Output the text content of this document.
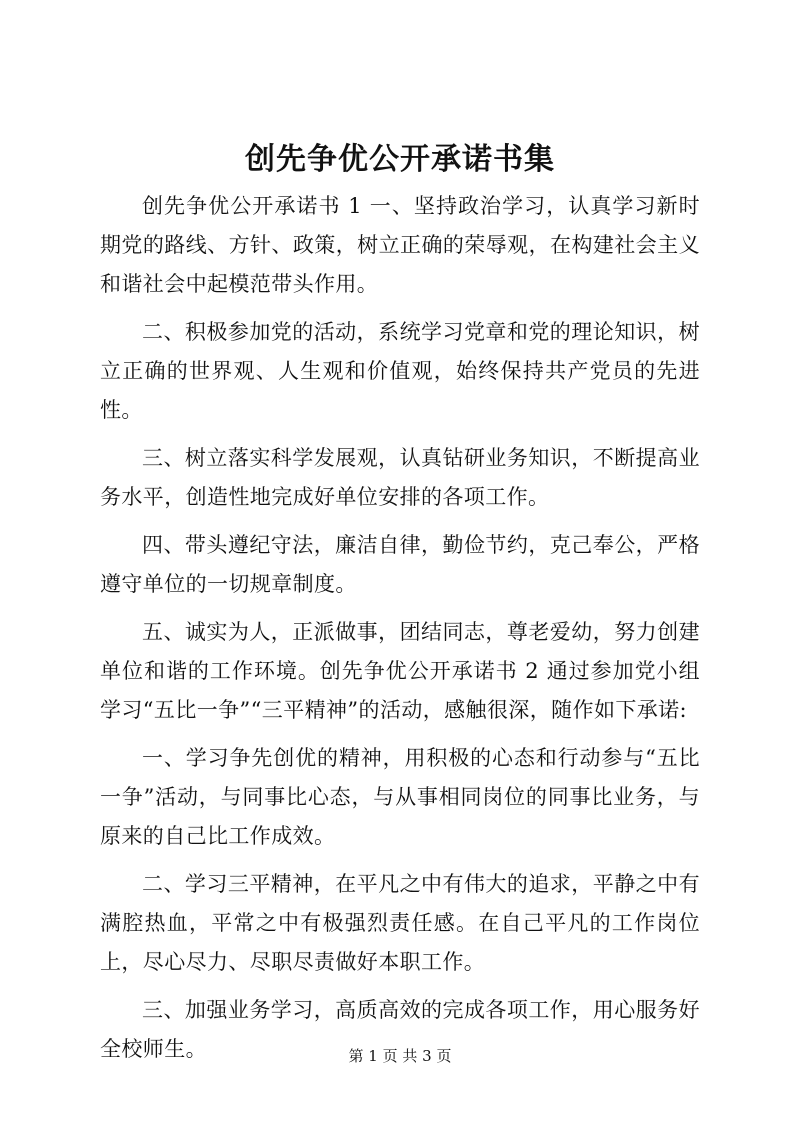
创先争优公开承诺书集

创先争优公开承诺书 1 一、坚持政治学习，认真学习新时期党的路线、方针、政策，树立正确的荣辱观，在构建社会主义和谐社会中起模范带头作用。

二、积极参加党的活动，系统学习党章和党的理论知识，树立正确的世界观、人生观和价值观，始终保持共产党员的先进性。

三、树立落实科学发展观，认真钻研业务知识，不断提高业务水平，创造性地完成好单位安排的各项工作。

四、带头遵纪守法，廉洁自律，勤俭节约，克己奉公，严格遵守单位的一切规章制度。

五、诚实为人，正派做事，团结同志，尊老爱幼，努力创建单位和谐的工作环境。创先争优公开承诺书 2 通过参加党小组学习“五比一争”“三平精神”的活动，感触很深，随作如下承诺:

一、学习争先创优的精神，用积极的心态和行动参与“五比一争”活动，与同事比心态，与从事相同岗位的同事比业务，与原来的自己比工作成效。

二、学习三平精神，在平凡之中有伟大的追求，平静之中有满腔热血，平常之中有极强烈责任感。在自己平凡的工作岗位上，尽心尽力、尽职尽责做好本职工作。

三、加强业务学习，高质高效的完成各项工作，用心服务好全校师生。	第 1 页 共 3 页
